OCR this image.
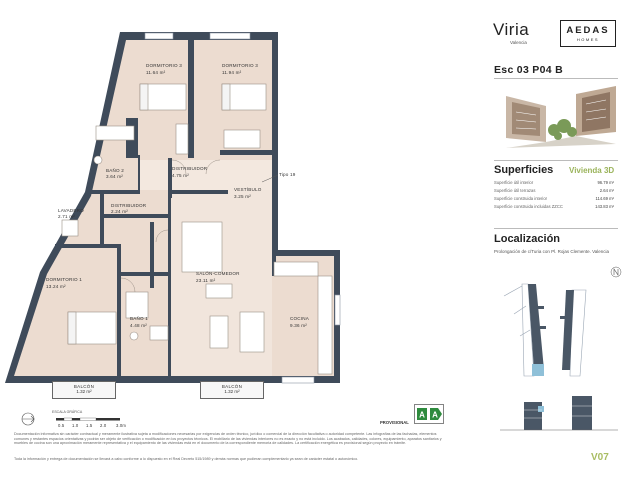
DORMITORIO 3
11.64 m²
DORMITORIO 3
11.94 m²
BAÑO 2
3.64 m²
DISTRIBUIDOR
4.75 m²
VESTÍBULO
3.25 m²
LAVADERO
2.71 m²
DISTRIBUIDOR
2.24 m²
SALÓN-COMEDOR
23.11 m²
DORMITORIO 1
13.24 m²
BAÑO 1
4.48 m²
COCINA
9.36 m²
Tipo 19
0.5 1.0 1.5 2.0 3.0m
ESCALA GRÁFICA
BALCÓN
1.32 m²
BALCÓN
1.32 m²
PROVISIONAL
A A
Documentación informativa sin carácter contractual y meramente ilustrativa sujeta a modificaciones necesarias por exigencias de orden técnico, jurídico o comercial de la dirección facultativa o autoridad competente. Las infografías de las fachadas, elementos comunes y restantes espacios orientativas y podrán ser objeto de verificación o modificación en los proyectos técnicos. El mobiliario de las viviendas interiores no es exacto y no está incluido. Los acabados, calidades, colores, equipamiento, aparatos sanitarios y muebles de cocina son una aproximación meramente representativa y el equipamiento de las viviendas está en el documento de la correspondiente memoria de calidades. La certificación energética es provisional según proyecto en trámite.
Toda la información y entrega de documentación se llevará a cabo conforme a lo dispuesto en el Real Decreto 515/1989 y demás normas que pudieran complementarlo ya sean de carácter estatal o autonómico.
Viria
Valencia
AEDAS
HOMES
Esc 03 P04 B
Superficies Vivienda 3D
Superficie útil interior	96.79 m²
Superficie útil terrazas	2.64 m²
Superficie construida interior	114.69 m²
Superficie construida incluidas ZZCC	143.83 m²
Localización
Prolongación de c/Turia con Pl. Rojas Clemente. Valencia
V07
